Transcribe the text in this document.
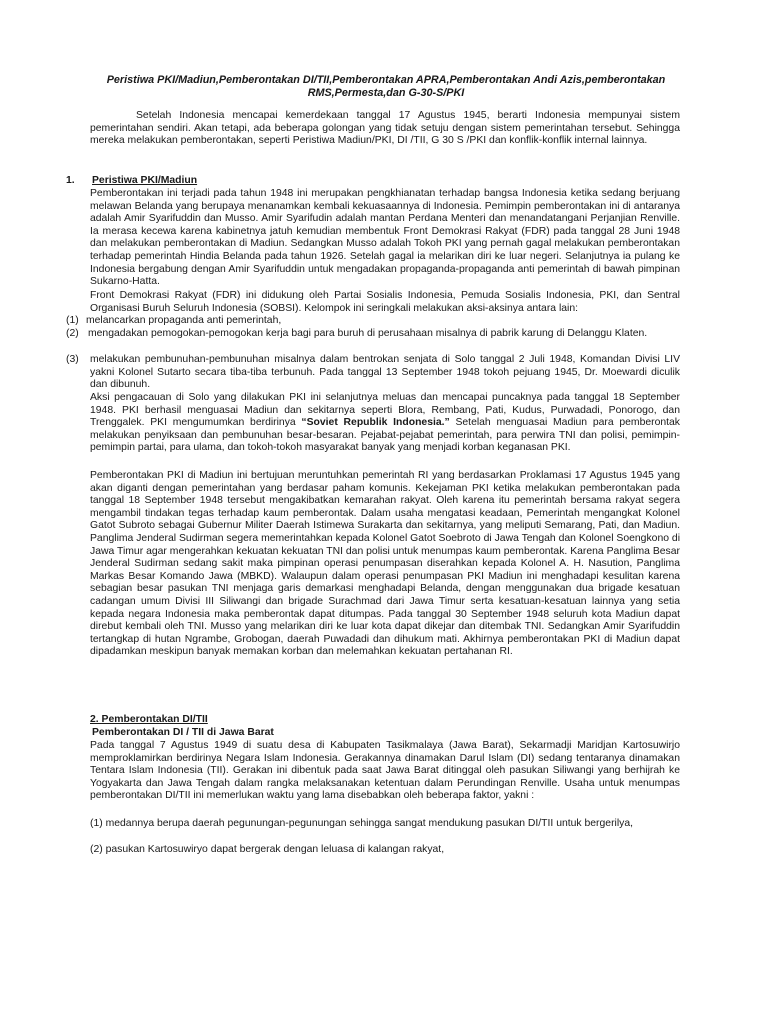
Peristiwa PKI/Madiun,Pemberontakan DI/TII,Pemberontakan APRA,Pemberontakan Andi Azis,pemberontakan RMS,Permesta,dan G-30-S/PKI

Setelah Indonesia mencapai kemerdekaan tanggal 17 Agustus 1945, berarti Indonesia mempunyai sistem pemerintahan sendiri. Akan tetapi, ada beberapa golongan yang tidak setuju dengan sistem pemerintahan tersebut. Sehingga mereka melakukan pemberontakan, seperti Peristiwa Madiun/PKI, DI /TII, G 30 S /PKI dan konflik-konflik internal lainnya.

1. Peristiwa PKI/Madiun

Pemberontakan ini terjadi pada tahun 1948 ini merupakan pengkhianatan terhadap bangsa Indonesia ketika sedang berjuang melawan Belanda yang berupaya menanamkan kembali kekuasaannya di Indonesia. Pemimpin pemberontakan ini di antaranya adalah Amir Syarifuddin dan Musso. Amir Syarifudin adalah mantan Perdana Menteri dan menandatangani Perjanjian Renville. Ia merasa kecewa karena kabinetnya jatuh kemudian membentuk Front Demokrasi Rakyat (FDR) pada tanggal 28 Juni 1948 dan melakukan pemberontakan di Madiun. Sedangkan Musso adalah Tokoh PKI yang pernah gagal melakukan pemberontakan terhadap pemerintah Hindia Belanda pada tahun 1926. Setelah gagal ia melarikan diri ke luar negeri. Selanjutnya ia pulang ke Indonesia bergabung dengan Amir Syarifuddin untuk mengadakan propaganda-propaganda anti pemerintah di bawah pimpinan Sukarno-Hatta.

Front Demokrasi Rakyat (FDR) ini didukung oleh Partai Sosialis Indonesia, Pemuda Sosialis Indonesia, PKI, dan Sentral Organisasi Buruh Seluruh Indonesia (SOBSI). Kelompok ini seringkali melakukan aksi-aksinya antara lain:

(1) melancarkan propaganda anti pemerintah,
(2) mengadakan pemogokan-pemogokan kerja bagi para buruh di perusahaan misalnya di pabrik karung di Delanggu Klaten.
(3) melakukan pembunuhan-pembunuhan misalnya dalam bentrokan senjata di Solo tanggal 2 Juli 1948, Komandan Divisi LIV yakni Kolonel Sutarto secara tiba-tiba terbunuh. Pada tanggal 13 September 1948 tokoh pejuang 1945, Dr. Moewardi diculik dan dibunuh.

Aksi pengacauan di Solo yang dilakukan PKI ini selanjutnya meluas dan mencapai puncaknya pada tanggal 18 September 1948. PKI berhasil menguasai Madiun dan sekitarnya seperti Blora, Rembang, Pati, Kudus, Purwadadi, Ponorogo, dan Trenggalek. PKI mengumumkan berdirinya “Soviet Republik Indonesia.” Setelah menguasai Madiun para pemberontak melakukan penyiksaan dan pembunuhan besar-besaran. Pejabat-pejabat pemerintah, para perwira TNI dan polisi, pemimpin-pemimpin partai, para ulama, dan tokoh-tokoh masyarakat banyak yang menjadi korban keganasan PKI.

Pemberontakan PKI di Madiun ini bertujuan meruntuhkan pemerintah RI yang berdasarkan Proklamasi 17 Agustus 1945 yang akan diganti dengan pemerintahan yang berdasar paham komunis. Kekejaman PKI ketika melakukan pemberontakan pada tanggal 18 September 1948 tersebut mengakibatkan kemarahan rakyat. Oleh karena itu pemerintah bersama rakyat segera mengambil tindakan tegas terhadap kaum pemberontak. Dalam usaha mengatasi keadaan, Pemerintah mengangkat Kolonel Gatot Subroto sebagai Gubernur Militer Daerah Istimewa Surakarta dan sekitarnya, yang meliputi Semarang, Pati, dan Madiun. Panglima Jenderal Sudirman segera memerintahkan kepada Kolonel Gatot Soebroto di Jawa Tengah dan Kolonel Soengkono di Jawa Timur agar mengerahkan kekuatan kekuatan TNI dan polisi untuk menumpas kaum pemberontak. Karena Panglima Besar Jenderal Sudirman sedang sakit maka pimpinan operasi penumpasan diserahkan kepada Kolonel A. H. Nasution, Panglima Markas Besar Komando Jawa (MBKD). Walaupun dalam operasi penumpasan PKI Madiun ini menghadapi kesulitan karena sebagian besar pasukan TNI menjaga garis demarkasi menghadapi Belanda, dengan menggunakan dua brigade kesatuan cadangan umum Divisi III Siliwangi dan brigade Surachmad dari Jawa Timur serta kesatuan-kesatuan lainnya yang setia kepada negara Indonesia maka pemberontak dapat ditumpas. Pada tanggal 30 September 1948 seluruh kota Madiun dapat direbut kembali oleh TNI. Musso yang melarikan diri ke luar kota dapat dikejar dan ditembak TNI. Sedangkan Amir Syarifuddin tertangkap di hutan Ngrambe, Grobogan, daerah Puwadadi dan dihukum mati. Akhirnya pemberontakan PKI di Madiun dapat dipadamkan meskipun banyak memakan korban dan melemahkan kekuatan pertahanan RI.

2. Pemberontakan DI/TII
Pemberontakan DI / TII di Jawa Barat

Pada tanggal 7 Agustus 1949 di suatu desa di Kabupaten Tasikmalaya (Jawa Barat), Sekarmadji Maridjan Kartosuwirjo memproklamirkan berdirinya Negara Islam Indonesia. Gerakannya dinamakan Darul Islam (DI) sedang tentaranya dinamakan Tentara Islam Indonesia (TII). Gerakan ini dibentuk pada saat Jawa Barat ditinggal oleh pasukan Siliwangi yang berhijrah ke Yogyakarta dan Jawa Tengah dalam rangka melaksanakan ketentuan dalam Perundingan Renville. Usaha untuk menumpas pemberontakan DI/TII ini memerlukan waktu yang lama disebabkan oleh beberapa faktor, yakni :

(1) medannya berupa daerah pegunungan-pegunungan sehingga sangat mendukung pasukan DI/TII untuk bergerilya,

(2) pasukan Kartosuwiryo dapat bergerak dengan leluasa di kalangan rakyat,
